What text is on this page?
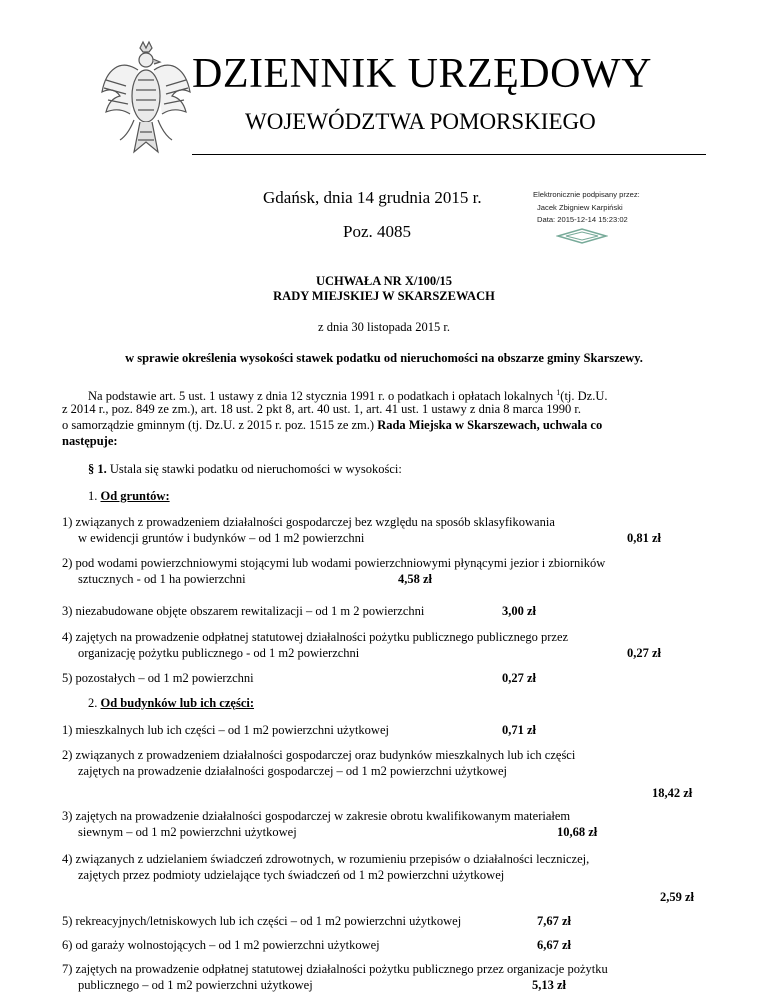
DZIENNIK URZĘDOWY
WOJEWÓDZTWA POMORSKIEGO
Gdańsk, dnia 14 grudnia 2015 r.
Poz. 4085
Elektronicznie podpisany przez:
Jacek Zbigniew Karpiński
Data: 2015-12-14 15:23:02
UCHWAŁA NR X/100/15
RADY MIEJSKIEJ W SKARSZEWACH
z dnia 30 listopada 2015 r.
w sprawie określenia wysokości stawek podatku od nieruchomości na obszarze gminy Skarszewy.
Na podstawie art. 5 ust. 1 ustawy z dnia 12 stycznia 1991 r. o podatkach i opłatach lokalnych $^1$(tj. Dz.U.
z 2014 r., poz. 849 ze zm.), art. 18 ust. 2 pkt 8, art. 40 ust. 1, art. 41 ust. 1 ustawy z dnia 8 marca 1990 r.
o samorządzie gminnym (tj. Dz.U. z 2015 r. poz. 1515 ze zm.) Rada Miejska w Skarszewach, uchwala co
następuje:
§ 1. Ustala się stawki podatku od nieruchomości w wysokości:
1. Od gruntów:
1) związanych z prowadzeniem działalności gospodarczej bez względu na sposób sklasyfikowania
w ewidencji gruntów i budynków – od 1 m2 powierzchni	0,81 zł
2) pod wodami powierzchniowymi stojącymi lub wodami powierzchniowymi płynącymi jezior i zbiorników
sztucznych - od 1 ha powierzchni	4,58 zł
3) niezabudowane objęte obszarem rewitalizacji – od 1 m 2 powierzchni	3,00 zł
4) zajętych na prowadzenie odpłatnej statutowej działalności pożytku publicznego publicznego przez
organizację pożytku publicznego - od 1 m2 powierzchni	0,27 zł
5) pozostałych – od 1 m2 powierzchni	0,27 zł
2. Od budynków lub ich części:
1) mieszkalnych lub ich części – od 1 m2 powierzchni użytkowej	0,71 zł
2) związanych z prowadzeniem działalności gospodarczej oraz budynków mieszkalnych lub ich części
zajętych na prowadzenie działalności gospodarczej – od 1 m2 powierzchni użytkowej
18,42 zł
3) zajętych na prowadzenie działalności gospodarczej w zakresie obrotu kwalifikowanym materiałem
siewnym – od 1 m2 powierzchni użytkowej	10,68 zł
4) związanych z udzielaniem świadczeń zdrowotnych, w rozumieniu przepisów o działalności leczniczej,
zajętych przez podmioty udzielające tych świadczeń od 1 m2 powierzchni użytkowej
2,59 zł
5) rekreacyjnych/letniskowych lub ich części – od 1 m2 powierzchni użytkowej	7,67 zł
6) od garaży wolnostojących – od 1 m2 powierzchni użytkowej	6,67 zł
7) zajętych na prowadzenie odpłatnej statutowej działalności pożytku publicznego przez organizacje pożytku
publicznego – od 1 m2 powierzchni użytkowej	5,13 zł
